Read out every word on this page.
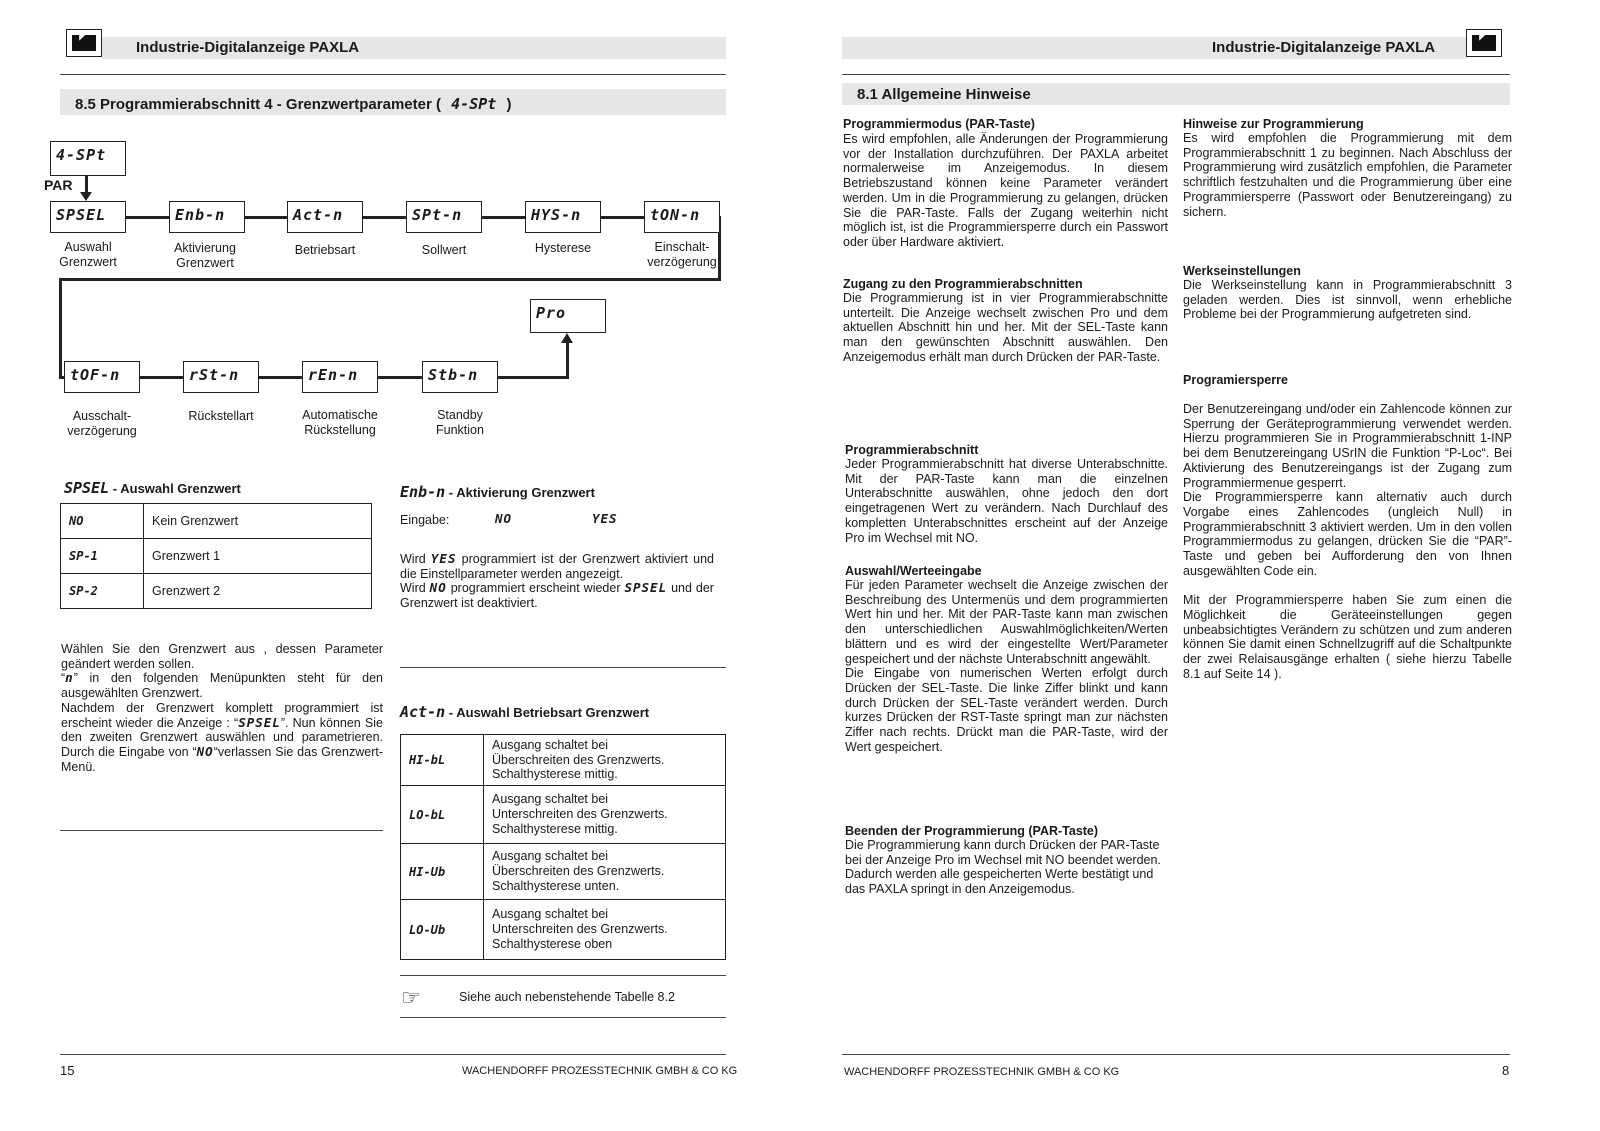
Industrie-Digitalanzeige PAXLA
8.5 Programmierabschnitt 4 - Grenzwertparameter ( 4-SPt )
4-SPt
PAR
SPSEL
Auswahl
Grenzwert
Enb-n
Aktivierung
Grenzwert
Act-n
Betriebsart
SPt-n
Sollwert
HYS-n
Hysterese
tON-n
Einschalt-
verzögerung
Pro
tOF-n
Ausschalt-
verzögerung
rSt-n
Rückstellart
rEn-n
Automatische
Rückstellung
Stb-n
Standby
Funktion
SPSEL - Auswahl Grenzwert
NO	Kein Grenzwert
SP-1	Grenzwert 1
SP-2	Grenzwert 2
Wählen Sie den Grenzwert aus , dessen Parameter geändert werden sollen.
“n” in den folgenden Menüpunkten steht für den ausgewählten Grenzwert.
Nachdem der Grenzwert komplett programmiert ist erscheint wieder die Anzeige : “SPSEL”. Nun können Sie den zweiten Grenzwert auswählen und parametrieren. Durch die Eingabe von “NO“verlassen Sie das Grenzwert- Menü.
Enb-n - Aktivierung Grenzwert
Eingabe:	NO	YES
Wird YES programmiert ist der Grenzwert aktiviert und die Einstellparameter werden angezeigt.
Wird NO programmiert erscheint wieder SPSEL und der Grenzwert ist deaktiviert.
Act-n - Auswahl Betriebsart Grenzwert
HI-bL	Ausgang schaltet bei
Überschreiten des Grenzwerts.
Schalthysterese mittig.

LO-bL	Ausgang schaltet bei
Unterschreiten des Grenzwerts.
Schalthysterese mittig.

HI-Ub	Ausgang schaltet bei
Überschreiten des Grenzwerts.
Schalthysterese unten.

LO-Ub	Ausgang schaltet bei
Unterschreiten des Grenzwerts.
Schalthysterese oben
☞	Siehe auch nebenstehende Tabelle 8.2
15	WACHENDORFF PROZESSTECHNIK GMBH & CO KG
Industrie-Digitalanzeige PAXLA
8.1 Allgemeine Hinweise
Programmiermodus (PAR-Taste)
Es wird empfohlen, alle Änderungen der Programmierung vor der Installation durchzuführen. Der PAXLA arbeitet normalerweise im Anzeigemodus. In diesem Betriebszustand können keine Parameter verändert werden. Um in die Programmierung zu gelangen, drücken Sie die PAR-Taste. Falls der Zugang weiterhin nicht möglich ist, ist die Programmiersperre durch ein Passwort oder über Hardware aktiviert.
Zugang zu den Programmierabschnitten
Die Programmierung ist in vier Programmierabschnitte unterteilt. Die Anzeige wechselt zwischen Pro und dem aktuellen Abschnitt hin und her. Mit der SEL-Taste kann man den gewünschten Abschnitt auswählen. Den Anzeigemodus erhält man durch Drücken der PAR-Taste.
Programmierabschnitt
Jeder Programmierabschnitt hat diverse Unterabschnitte. Mit der PAR-Taste kann man die einzelnen Unterabschnitte auswählen, ohne jedoch den dort eingetragenen Wert zu verändern. Nach Durchlauf des kompletten Unterabschnittes erscheint auf der Anzeige Pro im Wechsel mit NO.
Auswahl/Werteeingabe
Für jeden Parameter wechselt die Anzeige zwischen der Beschreibung des Untermenüs und dem programmierten Wert hin und her. Mit der PAR-Taste kann man zwischen den unterschiedlichen Auswahlmöglichkeiten/Werten blättern und es wird der eingestellte Wert/Parameter gespeichert und der nächste Unterabschnitt angewählt.
Die Eingabe von numerischen Werten erfolgt durch Drücken der SEL-Taste. Die linke Ziffer blinkt und kann durch Drücken der SEL-Taste verändert werden. Durch kurzes Drücken der RST-Taste springt man zur nächsten Ziffer nach rechts. Drückt man die PAR-Taste, wird der Wert gespeichert.
Beenden der Programmierung (PAR-Taste)
Die Programmierung kann durch Drücken der PAR-Taste bei der Anzeige Pro im Wechsel mit NO beendet werden. Dadurch werden alle gespeicherten Werte bestätigt und das PAXLA springt in den Anzeigemodus.
Hinweise zur Programmierung
Es wird empfohlen die Programmierung mit dem Programmierabschnitt 1 zu beginnen. Nach Abschluss der Programmierung wird zusätzlich empfohlen, die Parameter schriftlich festzuhalten und die Programmierung über eine Programmiersperre (Passwort oder Benutzereingang) zu sichern.
Werkseinstellungen
Die Werkseinstellung kann in Programmierabschnitt 3 geladen werden. Dies ist sinnvoll, wenn erhebliche Probleme bei der Programmierung aufgetreten sind.
Programiersperre
Der Benutzereingang und/oder ein Zahlencode können zur Sperrung der Geräteprogrammierung verwendet werden. Hierzu programmieren Sie in Programmierabschnitt 1-INP bei dem Benutzereingang USrIN die Funktion “P-Loc“. Bei Aktivierung des Benutzereingangs ist der Zugang zum Programmiermenue gesperrt.
Die Programmiersperre kann alternativ auch durch Vorgabe eines Zahlencodes (ungleich Null) in Programmierabschnitt 3 aktiviert werden. Um in den vollen Programmiermodus zu gelangen, drücken Sie die “PAR”-Taste und geben bei Aufforderung den von Ihnen ausgewählten Code ein.
Mit der Programmiersperre haben Sie zum einen die Möglichkeit die Geräteeinstellungen gegen unbeabsichtigtes Verändern zu schützen und zum anderen können Sie damit einen Schnellzugriff auf die Schaltpunkte der zwei Relaisausgänge erhalten ( siehe hierzu Tabelle 8.1 auf Seite 14 ).
WACHENDORFF PROZESSTECHNIK GMBH & CO KG	8
